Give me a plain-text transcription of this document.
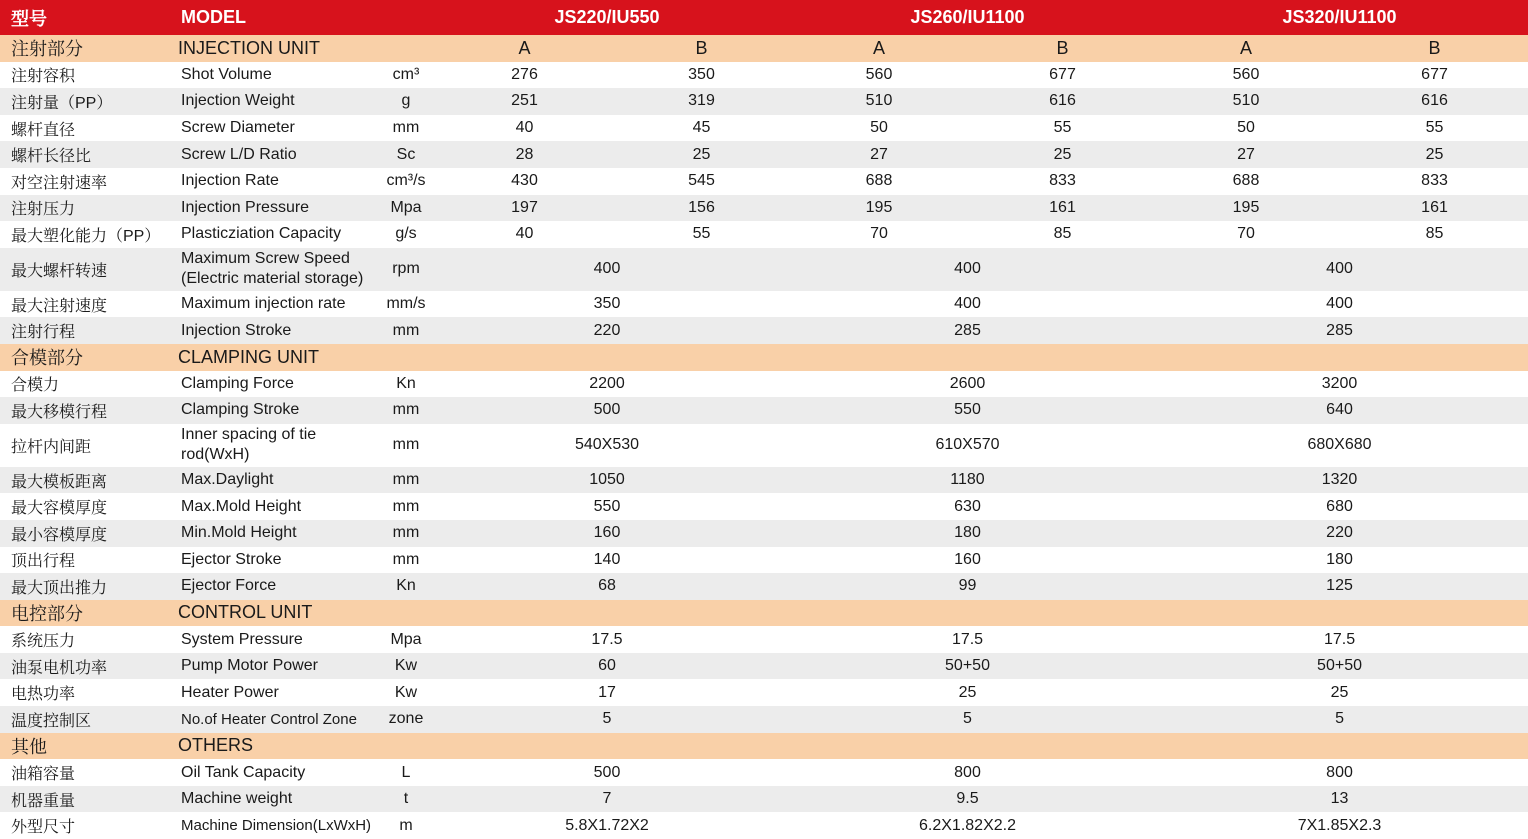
型号	MODEL		JS220/IU550		JS260/IU1100		JS320/IU1100	
注射部分	INJECTION UNIT		A	B	A	B	A	B
注射容积	Shot Volume	cm³	276	350	560	677	560	677
注射量（PP）	Injection Weight	g	251	319	510	616	510	616
螺杆直径	Screw Diameter	mm	40	45	50	55	50	55
螺杆长径比	Screw L/D Ratio	Sc	28	25	27	25	27	25
对空注射速率	Injection Rate	cm³/s	430	545	688	833	688	833
注射压力	Injection Pressure	Mpa	197	156	195	161	195	161
最大塑化能力（PP）	Plasticziation Capacity	g/s	40	55	70	85	70	85
最大螺杆转速	Maximum Screw Speed (Electric material storage)	rpm	400		400		400	
最大注射速度	Maximum injection rate	mm/s	350		400		400	
注射行程	Injection Stroke	mm	220		285		285	
合模部分	CLAMPING UNIT							
合模力	Clamping Force	Kn	2200		2600		3200	
最大移模行程	Clamping Stroke	mm	500		550		640	
拉杆内间距	Inner spacing of tie rod(WxH)	mm	540X530		610X570		680X680	
最大模板距离	Max.Daylight	mm	1050		1180		1320	
最大容模厚度	Max.Mold Height	mm	550		630		680	
最小容模厚度	Min.Mold Height	mm	160		180		220	
顶出行程	Ejector Stroke	mm	140		160		180	
最大顶出推力	Ejector Force	Kn	68		99		125	
电控部分	CONTROL UNIT							
系统压力	System Pressure	Mpa	17.5		17.5		17.5	
油泵电机功率	Pump Motor Power	Kw	60		50+50		50+50	
电热功率	Heater Power	Kw	17		25		25	
温度控制区	No.of Heater Control Zone	zone	5		5		5	
其他	OTHERS							
油箱容量	Oil Tank Capacity	L	500		800		800	
机器重量	Machine weight	t	7		9.5		13	
外型尺寸	Machine Dimension(LxWxH)	m	5.8X1.72X2		6.2X1.82X2.2		7X1.85X2.3	
